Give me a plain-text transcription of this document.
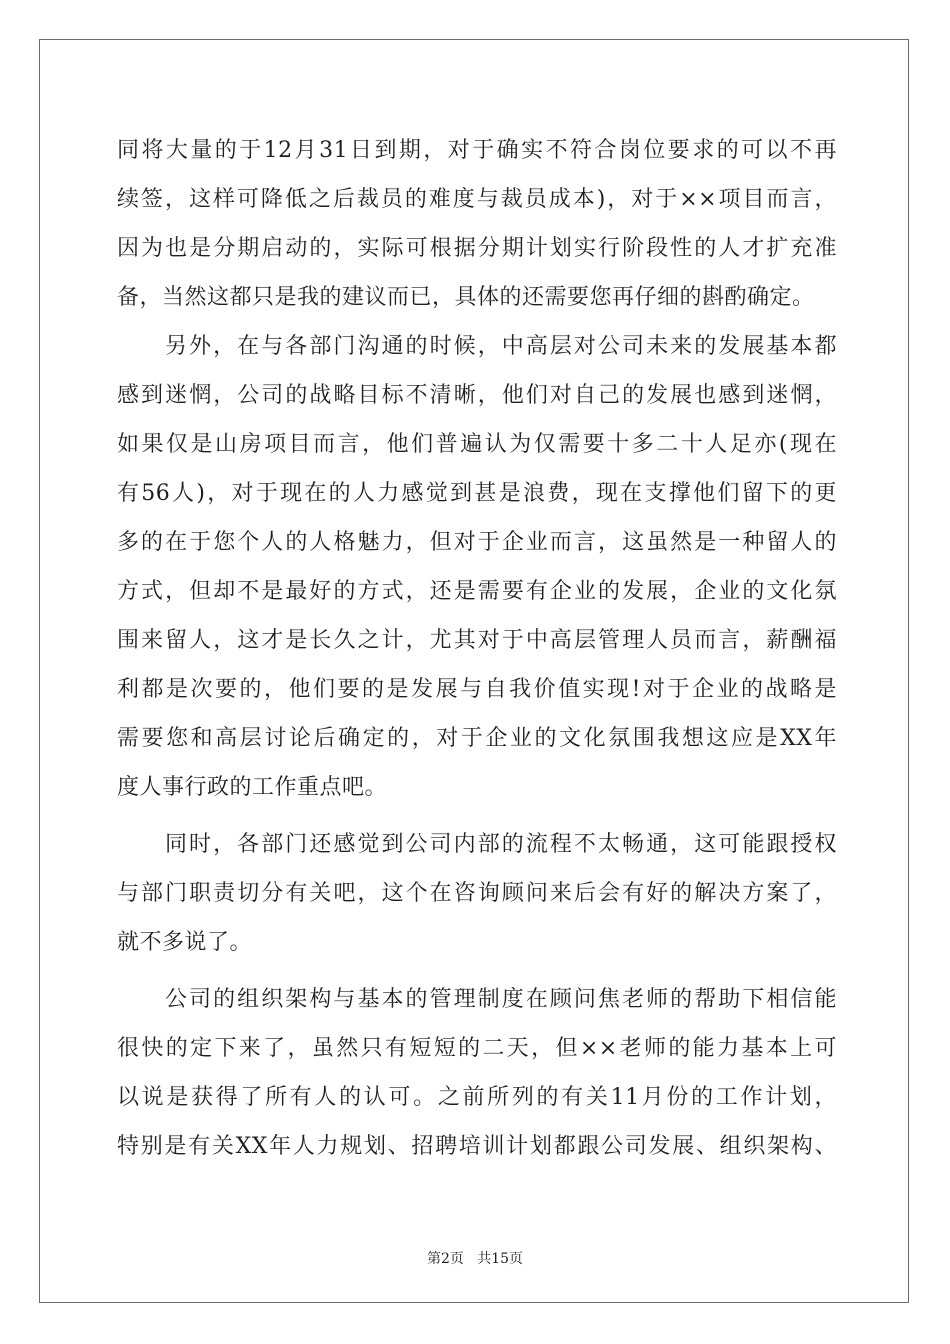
同将大量的于12月31日到期，对于确实不符合岗位要求的可以不再
续签，这样可降低之后裁员的难度与裁员成本)，对于××项目而言，
因为也是分期启动的，实际可根据分期计划实行阶段性的人才扩充准
备，当然这都只是我的建议而已，具体的还需要您再仔细的斟酌确定。
另外，在与各部门沟通的时候，中高层对公司未来的发展基本都
感到迷惘，公司的战略目标不清晰，他们对自己的发展也感到迷惘，
如果仅是山房项目而言，他们普遍认为仅需要十多二十人足亦(现在
有56人)，对于现在的人力感觉到甚是浪费，现在支撑他们留下的更
多的在于您个人的人格魅力，但对于企业而言，这虽然是一种留人的
方式，但却不是最好的方式，还是需要有企业的发展，企业的文化氛
围来留人，这才是长久之计，尤其对于中高层管理人员而言，薪酬福
利都是次要的，他们要的是发展与自我价值实现!对于企业的战略是
需要您和高层讨论后确定的，对于企业的文化氛围我想这应是XX年
度人事行政的工作重点吧。
同时，各部门还感觉到公司内部的流程不太畅通，这可能跟授权
与部门职责切分有关吧，这个在咨询顾问来后会有好的解决方案了，
就不多说了。
公司的组织架构与基本的管理制度在顾问焦老师的帮助下相信能
很快的定下来了，虽然只有短短的二天，但××老师的能力基本上可
以说是获得了所有人的认可。之前所列的有关11月份的工作计划，
特别是有关XX年人力规划、招聘培训计划都跟公司发展、组织架构、
第2页 共15页
